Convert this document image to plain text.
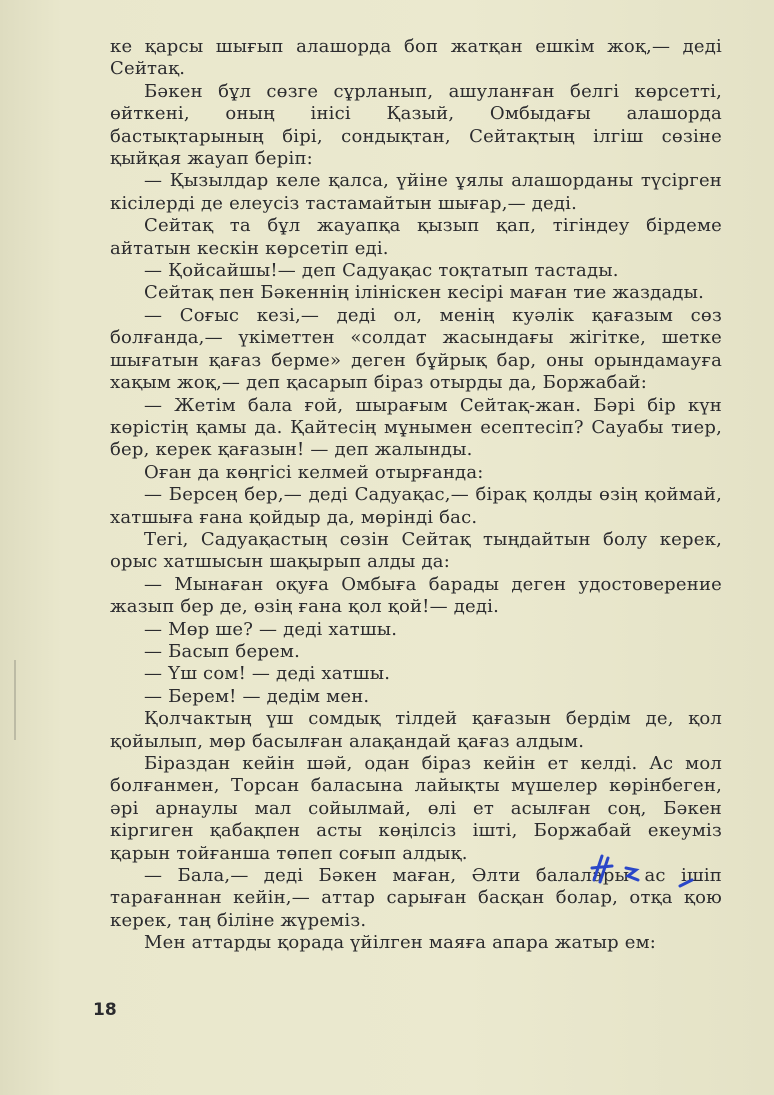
ке қарсы шығып алашорда боп жатқан ешкім жоқ,— деді Сейтақ.

Бәкен бұл сөзге сұрланып, ашуланған белгі көрсетті, өйткені, оның інісі Қазый, Омбыдағы алашорда бастықтарының бірі, сондықтан, Сейтақтың ілгіш сөзіне қыйқая жауап беріп:

— Қызылдар келе қалса, үйіне ұялы алашорданы түсірген кісілерді де елеусіз тастамайтын шығар,— деді.

Сейтақ та бұл жауапқа қызып қап, тігіндеу бірдеме айтатын кескін көрсетіп еді.

— Қойсайшы!— деп Садуақас тоқтатып тастады.

Сейтақ пен Бәкеннің ілініскен кесірі маған тие жаздады.

— Соғыс кезі,— деді ол, менің куәлік қағазым сөз болғанда,— үкіметтен «солдат жасындағы жігітке, шетке шығатын қағаз берме» деген бұйрық бар, оны орындамауға хақым жоқ,— деп қасарып біраз отырды да, Боржабай:

— Жетім бала ғой, шырағым Сейтақ-жан. Бәрі бір күн көрістің қамы да. Қайтесің мұнымен есептесіп? Сауабы тиер, бер, керек қағазын! — деп жалынды.

Оған да көңгісі келмей отырғанда:

— Берсең бер,— деді Садуақас,— бірақ қолды өзің қоймай, хатшыға ғана қойдыр да, мөрінді бас.

Тегі, Садуақастың сөзін Сейтақ тыңдайтын болу керек, орыс хатшысын шақырып алды да:

— Мынаған оқуға Омбыға барады деген удостоверение жазып бер де, өзің ғана қол қой!— деді.

— Мөр ше? — деді хатшы.

— Басып берем.

— Үш сом! — деді хатшы.

— Берем! — дедім мен.

Қолчактың үш сомдық тілдей қағазын бердім де, қол қойылып, мөр басылған алақандай қағаз алдым.

Біраздан кейін шәй, одан біраз кейін ет келді. Ас мол болғанмен, Торсан баласына лайықты мүшелер көрінбеген, әрі арнаулы мал сойылмай, өлі ет асылған соң, Бәкен кіргиген қабақпен асты көңілсіз ішті, Боржабай екеуміз қарын тойғанша төпеп соғып алдық.

— Бала,— деді Бәкен маған, Әлти балалары ас ішіп тарағаннан кейін,— аттар сарыған басқан болар, отқа қою керек, таң біліне жүреміз.

Мен аттарды қорада үйілген маяға апара жатыр ем:

18
